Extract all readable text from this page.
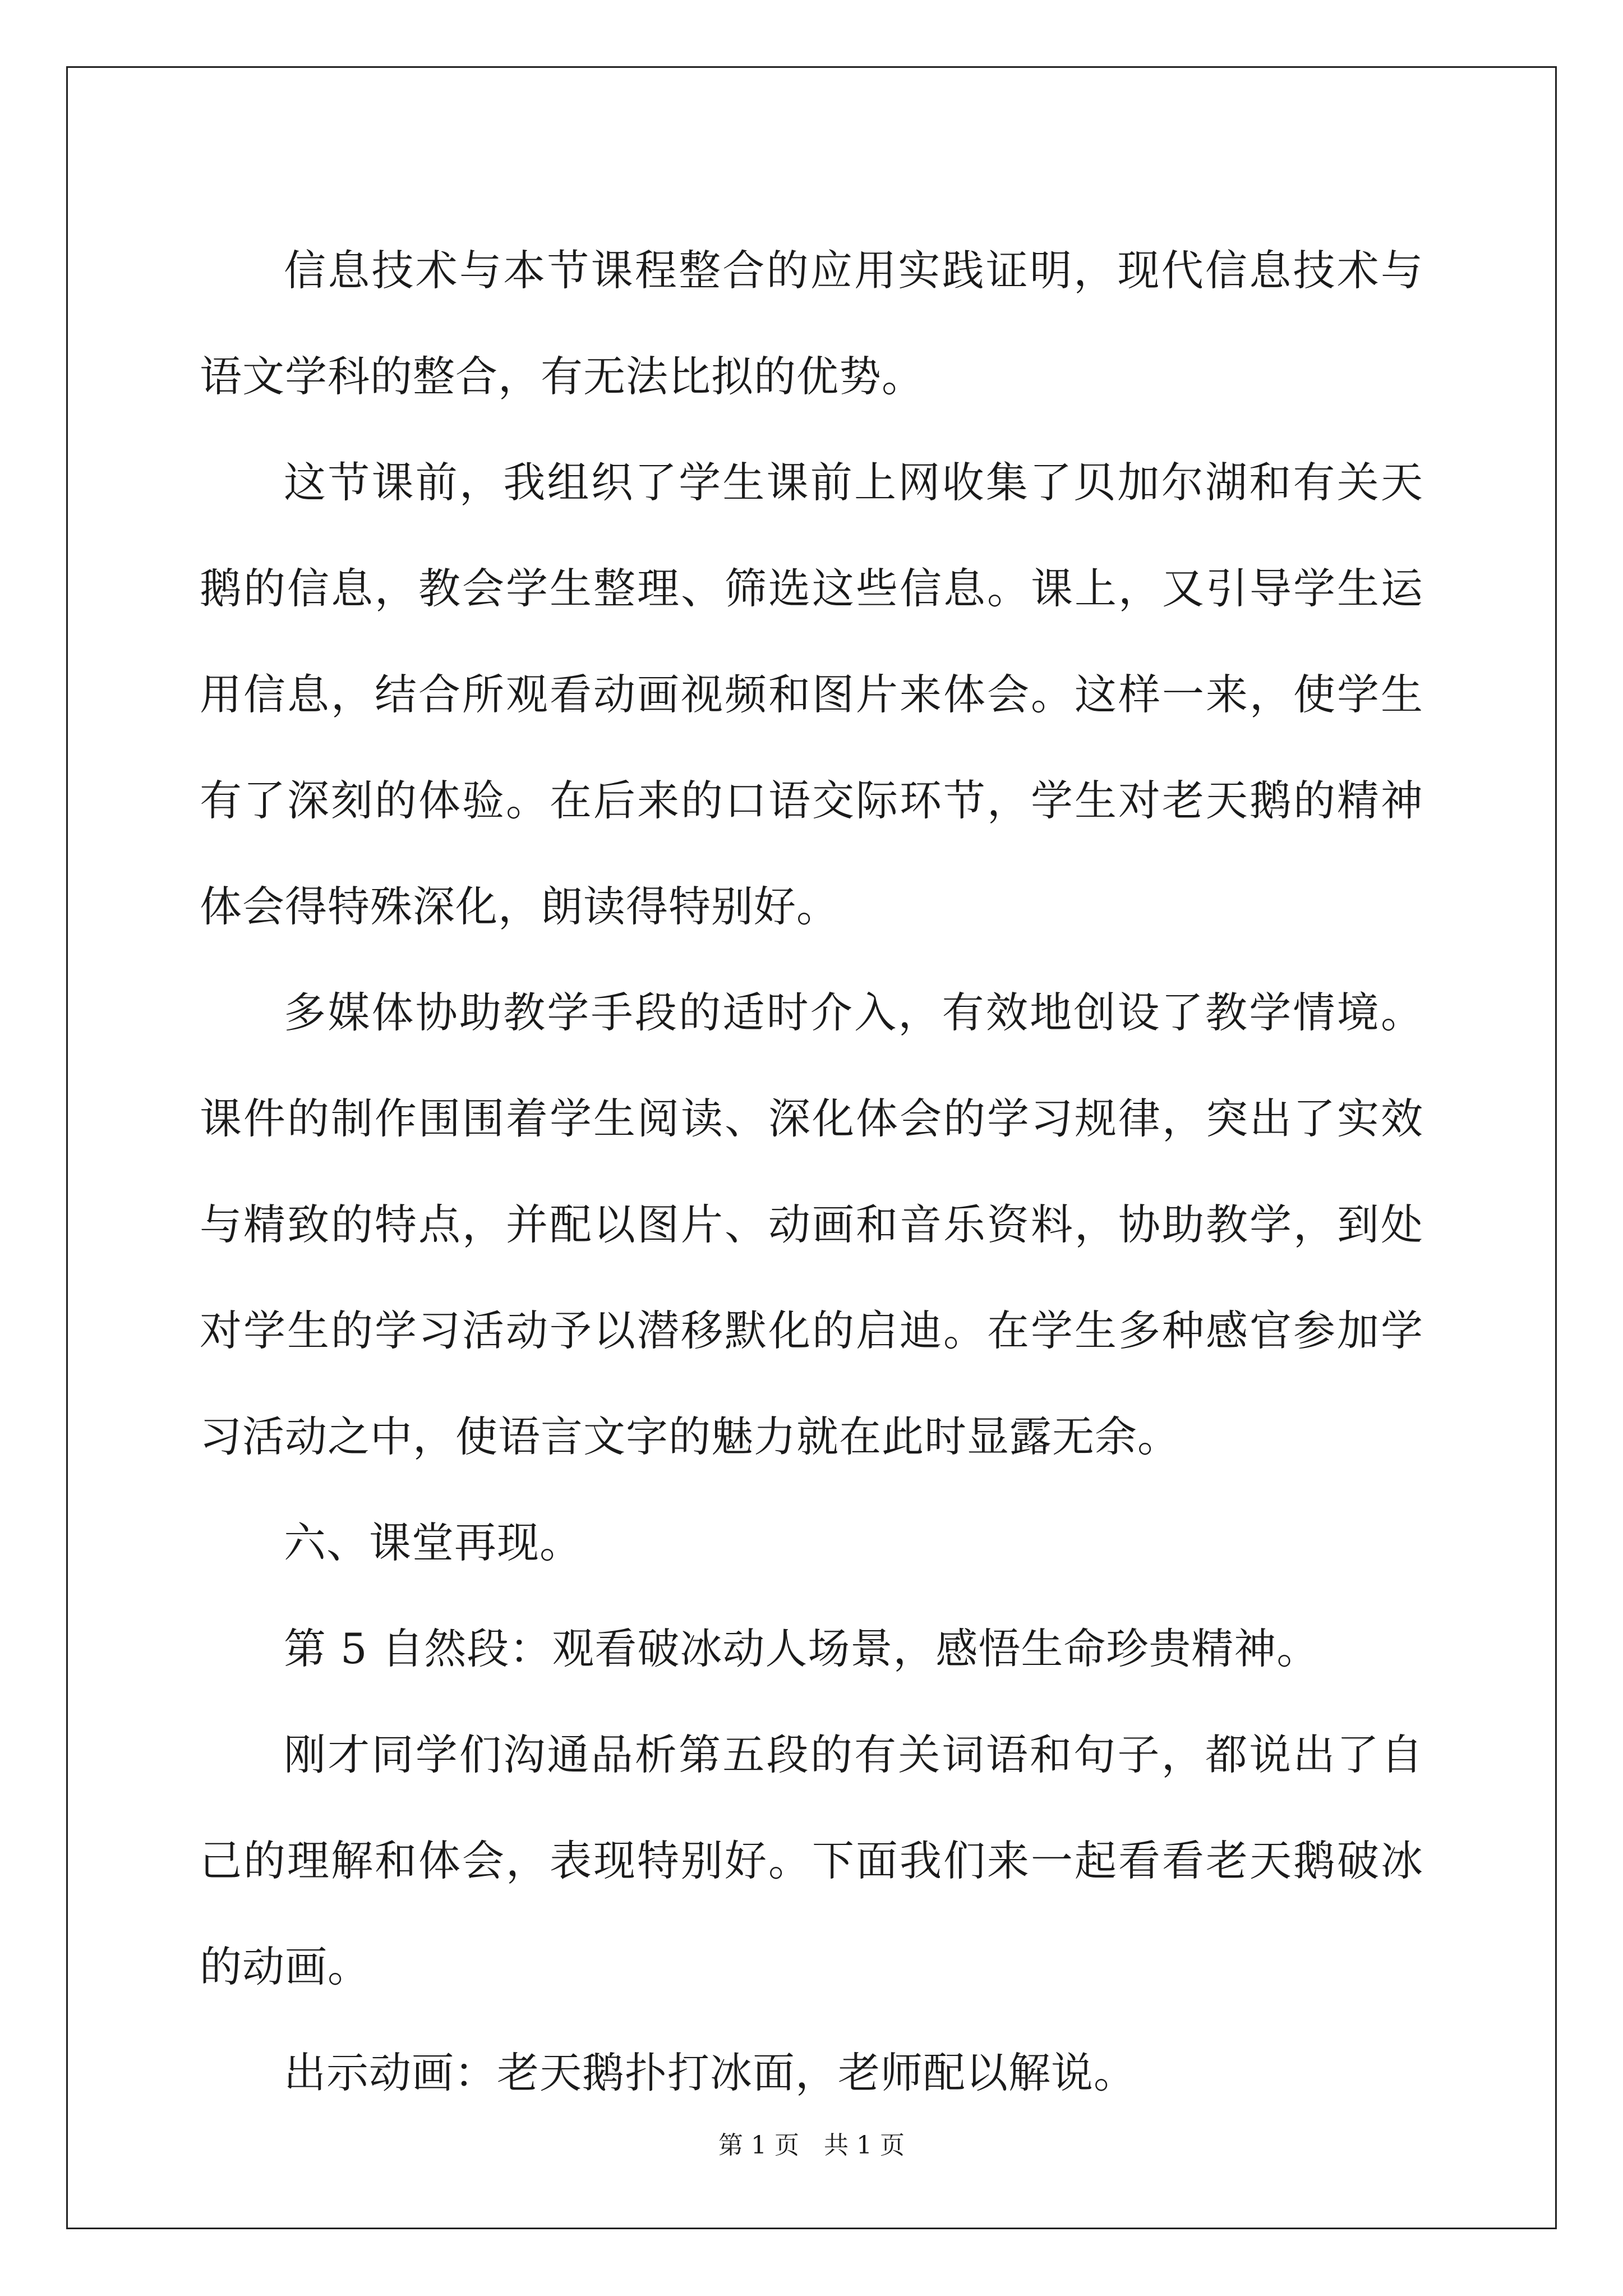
信息技术与本节课程整合的应用实践证明，现代信息技术与语文学科的整合，有无法比拟的优势。

这节课前，我组织了学生课前上网收集了贝加尔湖和有关天鹅的信息，教会学生整理、筛选这些信息。课上，又引导学生运用信息，结合所观看动画视频和图片来体会。这样一来，使学生有了深刻的体验。在后来的口语交际环节，学生对老天鹅的精神体会得特殊深化，朗读得特别好。

多媒体协助教学手段的适时介入，有效地创设了教学情境。课件的制作围围着学生阅读、深化体会的学习规律，突出了实效与精致的特点，并配以图片、动画和音乐资料，协助教学，到处对学生的学习活动予以潜移默化的启迪。在学生多种感官参加学习活动之中，使语言文字的魅力就在此时显露无余。

六、课堂再现。

第 5 自然段：观看破冰动人场景，感悟生命珍贵精神。

刚才同学们沟通品析第五段的有关词语和句子，都说出了自己的理解和体会，表现特别好。下面我们来一起看看老天鹅破冰的动画。

出示动画：老天鹅扑打冰面，老师配以解说。

第 1 页　共 1 页
